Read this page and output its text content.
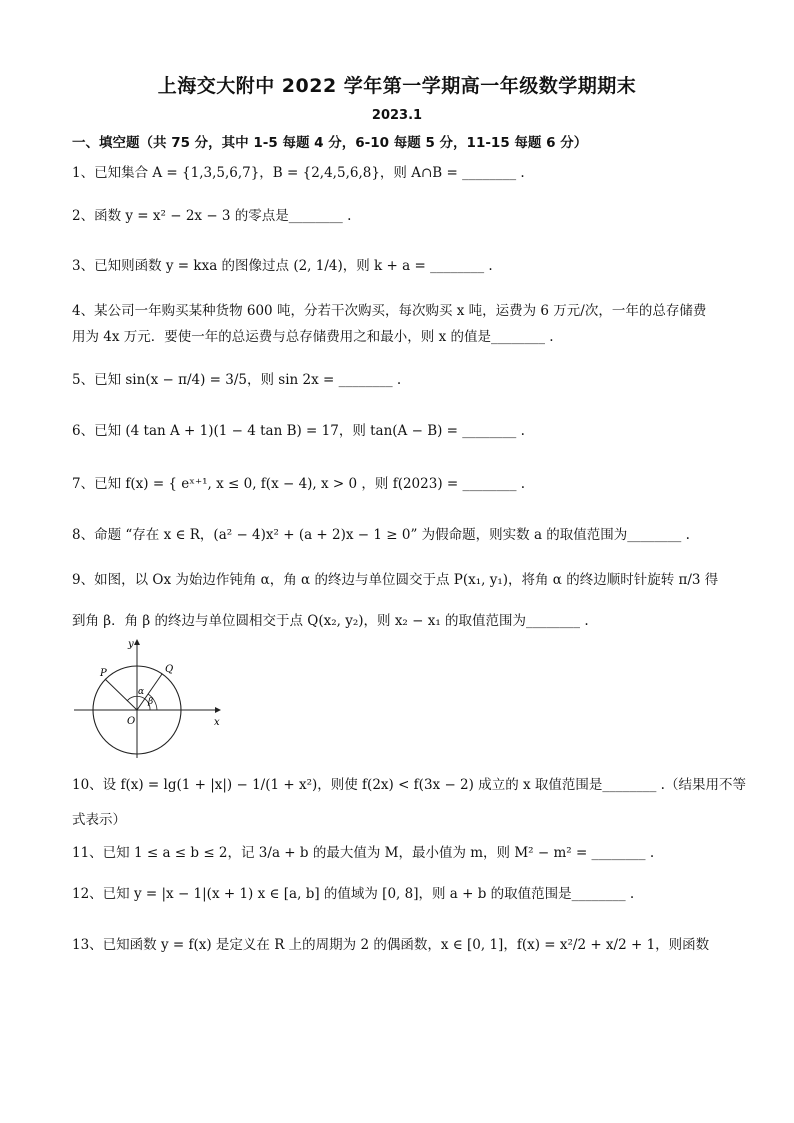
上海交大附中 2022 学年第一学期高一年级数学期期末
2023.1
一、填空题（共 75 分，其中 1-5 每题 4 分，6-10 每题 5 分，11-15 每题 6 分）
1、已知集合 A = {1,3,5,6,7}，B = {2,4,5,6,8}，则 A∩B = ________ .
2、函数 y = x² − 2x − 3 的零点是________ .
3、已知则函数 y = kxa 的图像过点 (2, 1/4)，则 k + a = ________ .
4、某公司一年购买某种货物 600 吨，分若干次购买，每次购买 x 吨，运费为 6 万元/次，一年的总存储费
用为 4x 万元．要使一年的总运费与总存储费用之和最小，则 x 的值是________ .
5、已知 sin(x − π/4) = 3/5，则 sin 2x = ________ .
6、已知 (4 tan A + 1)(1 − 4 tan B) = 17，则 tan(A − B) = ________ .
7、已知 f(x) = { eˣ⁺¹, x ≤ 0, f(x − 4), x > 0 ，则 f(2023) = ________ .
8、命题 “存在 x ∈ R，(a² − 4)x² + (a + 2)x − 1 ≥ 0” 为假命题，则实数 a 的取值范围为________ .
9、如图，以 Ox 为始边作钝角 α，角 α 的终边与单位圆交于点 P(x₁, y₁)，将角 α 的终边顺时针旋转 π/3 得
到角 β．角 β 的终边与单位圆相交于点 Q(x₂, y₂)，则 x₂ − x₁ 的取值范围为________ .
y
x
O
P	Q
α
β
10、设 f(x) = lg(1 + |x|) − 1/(1 + x²)，则使 f(2x) < f(3x − 2) 成立的 x 取值范围是________ .（结果用不等
式表示）
11、已知 1 ≤ a ≤ b ≤ 2，记 3/a + b 的最大值为 M，最小值为 m，则 M² − m² = ________ .
12、已知 y = |x − 1|(x + 1) x ∈ [a, b] 的值域为 [0, 8]，则 a + b 的取值范围是________ .
13、已知函数 y = f(x) 是定义在 R 上的周期为 2 的偶函数，x ∈ [0, 1]，f(x) = x²/2 + x/2 + 1，则函数
